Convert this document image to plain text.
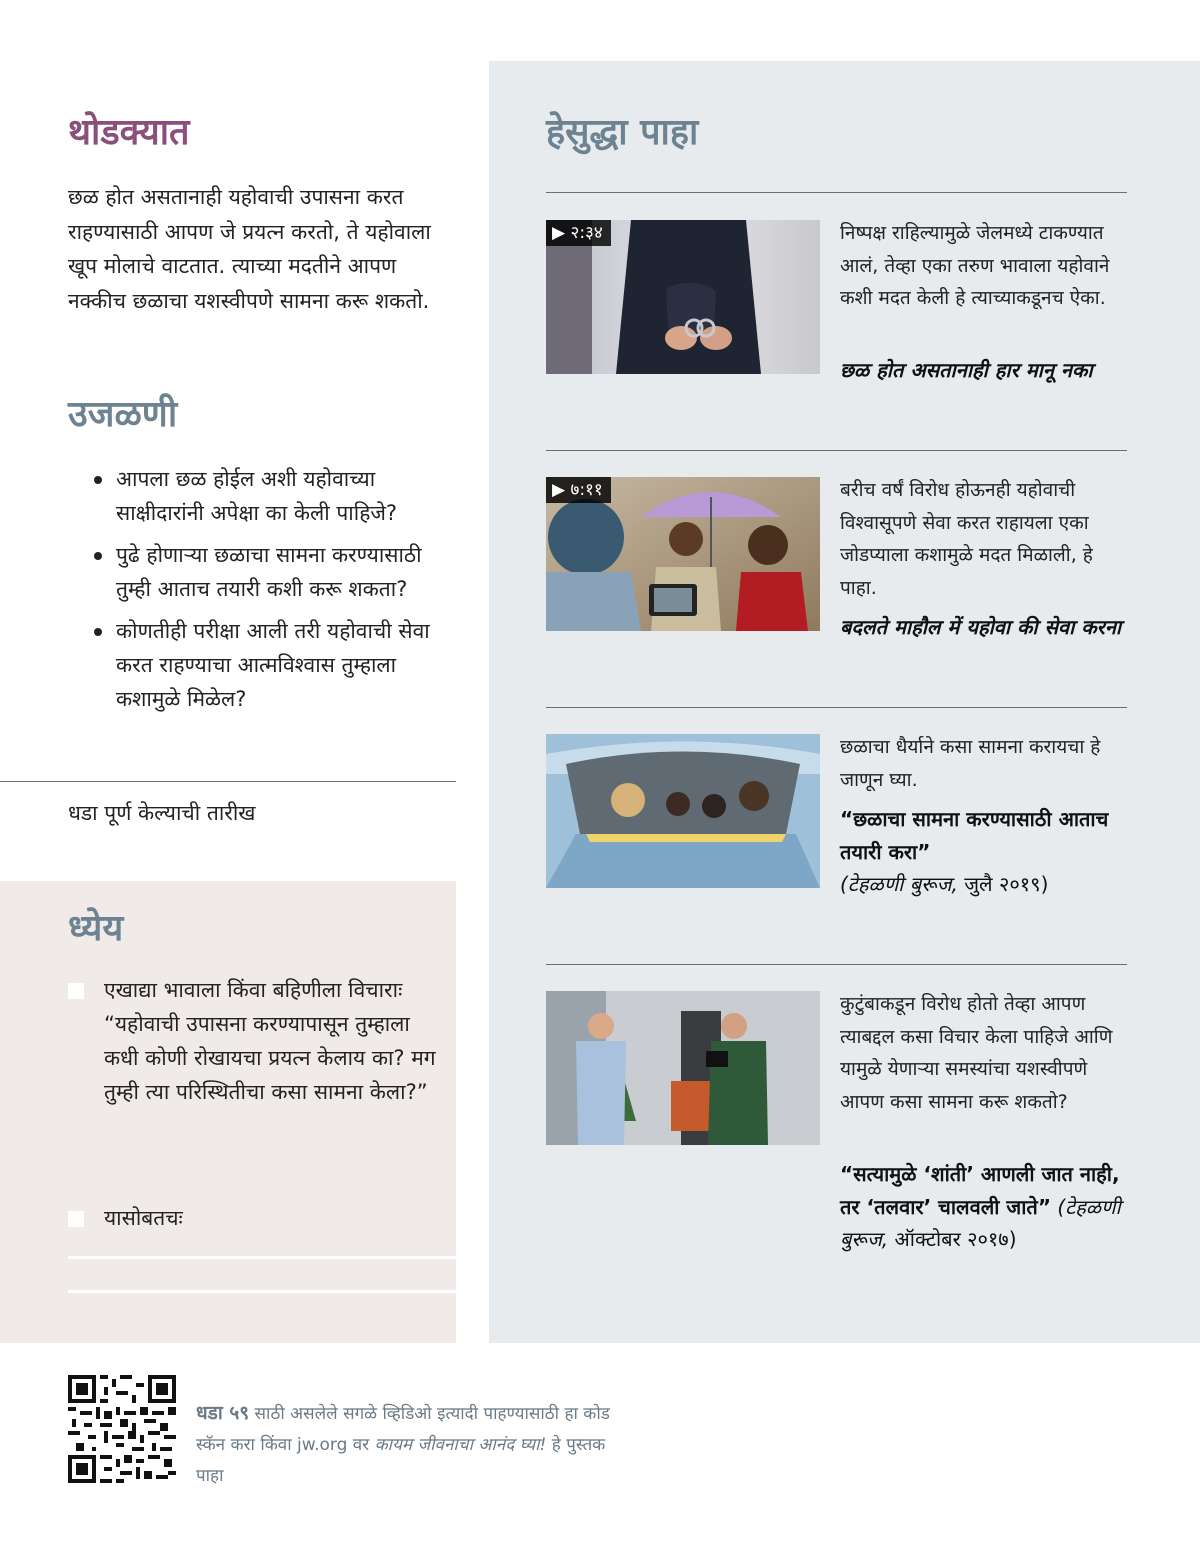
थोडक्यात

छळ होत असतानाही यहोवाची उपासना करत राहण्यासाठी आपण जे प्रयत्न करतो, ते यहोवाला खूप मोलाचे वाटतात. त्याच्या मदतीने आपण नक्कीच छळाचा यशस्वीपणे सामना करू शकतो.

उजळणी
आपला छळ होईल अशी यहोवाच्या साक्षीदारांनी अपेक्षा का केली पाहिजे?
पुढे होणाऱ्या छळाचा सामना करण्यासाठी तुम्ही आताच तयारी कशी करू शकता?
कोणतीही परीक्षा आली तरी यहोवाची सेवा करत राहण्याचा आत्मविश्वास तुम्हाला कशामुळे मिळेल?

धडा पूर्ण केल्याची तारीख

ध्येय
एखाद्या भावाला किंवा बहिणीला विचाराः “यहोवाची उपासना करण्यापासून तुम्हाला कधी कोणी रोखायचा प्रयत्न केलाय का? मग तुम्ही त्या परिस्थितीचा कसा सामना केला?”
यासोबतचः
हेसुद्धा पाहा
▶ २:३४	निष्पक्ष राहिल्यामुळे जेलमध्ये टाकण्यात आलं, तेव्हा एका तरुण भावाला यहोवाने कशी मदत केली हे त्याच्याकडूनच ऐका.

छळ होत असतानाही हार मानू नका

▶ ७:११	बरीच वर्षं विरोध होऊनही यहोवाची विश्वासूपणे सेवा करत राहायला एका जोडप्याला कशामुळे मदत मिळाली, हे पाहा.

बदलते माहौल में यहोवा की सेवा करना

छळाचा धैर्याने कसा सामना करायचा हे जाणून घ्या.

“छळाचा सामना करण्यासाठी आताच तयारी करा”
(टेहळणी बुरूज, जुलै २०१९)

कुटुंबाकडून विरोध होतो तेव्हा आपण त्याबद्दल कसा विचार केला पाहिजे आणि यामुळे येणाऱ्या समस्यांचा यशस्वीपणे आपण कसा सामना करू शकतो?

“सत्यामुळे ‘शांती’ आणली जात नाही, तर ‘तलवार’ चालवली जाते” (टेहळणी बुरूज, ऑक्टोबर २०१७)

धडा ५९ साठी असलेले सगळे व्हिडिओ इत्यादी पाहण्यासाठी हा कोड स्कॅन करा किंवा jw.org वर कायम जीवनाचा आनंद घ्या! हे पुस्तक पाहा
